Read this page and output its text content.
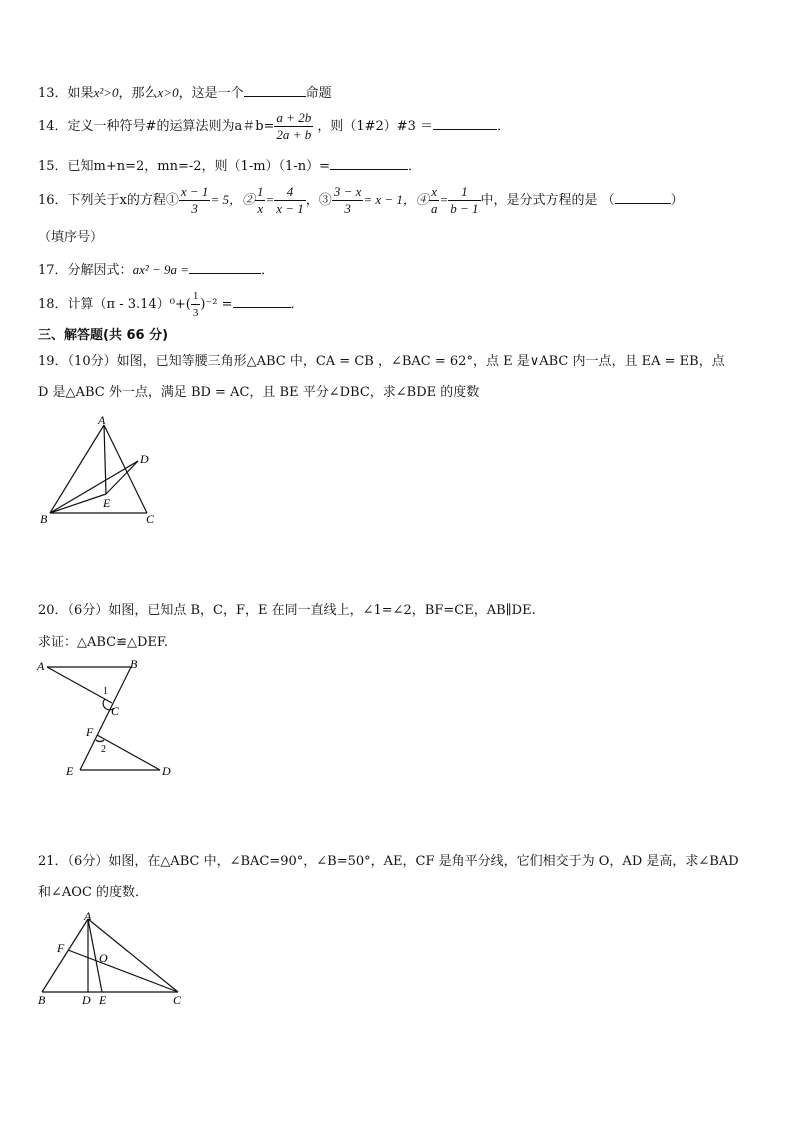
13．如果x²>0，那么x>0，这是一个	命题
14．定义一种符号#的运算法则为a＃$b= \frac{a + 2b}{2a + b}$ ，则（1#2）#3 ＝	．
15．已知m+n=2，mn=-2，则（1-m）（1-n）=	．
16．下列关于x的方程① $\frac{x - 1}{3} = 5$，② $\frac{1}{x} = \frac{4}{x - 1}$ ，③ $\frac{3 - x}{3} = x - 1$，④ $\frac{x}{a} = \frac{1}{b - 1}$ 中，是分式方程的是 （	）
（填序号）
17．分解因式：ax² − 9a =	．
18．计算$(\pi - 3.14)^0+( \frac{1}{3} )^{-2}$ =	．
三、解答题(共 66 分)
19．（10分）如图，已知等腰三角形△ABC 中，CA = CB ，∠BAC = 62°，点 E 是∨ABC 内一点，且 EA = EB，点
D 是△ABC 外一点，满足 BD = AC，且 BE 平分∠DBC，求∠BDE 的度数
A
B	C
D
E
A	B
C
F
E	D
1
2
A
F
O
B	D E	C
20．（6分）如图，已知点 B，C，F，E 在同一直线上，∠1=∠2，BF=CE，AB∥DE.
求证：△ABC≌△DEF.
21．（6分）如图，在△ABC 中，∠BAC=90°，∠B=50°，AE，CF 是角平分线，它们相交于为 O，AD 是高，求∠BAD
和∠AOC 的度数．
